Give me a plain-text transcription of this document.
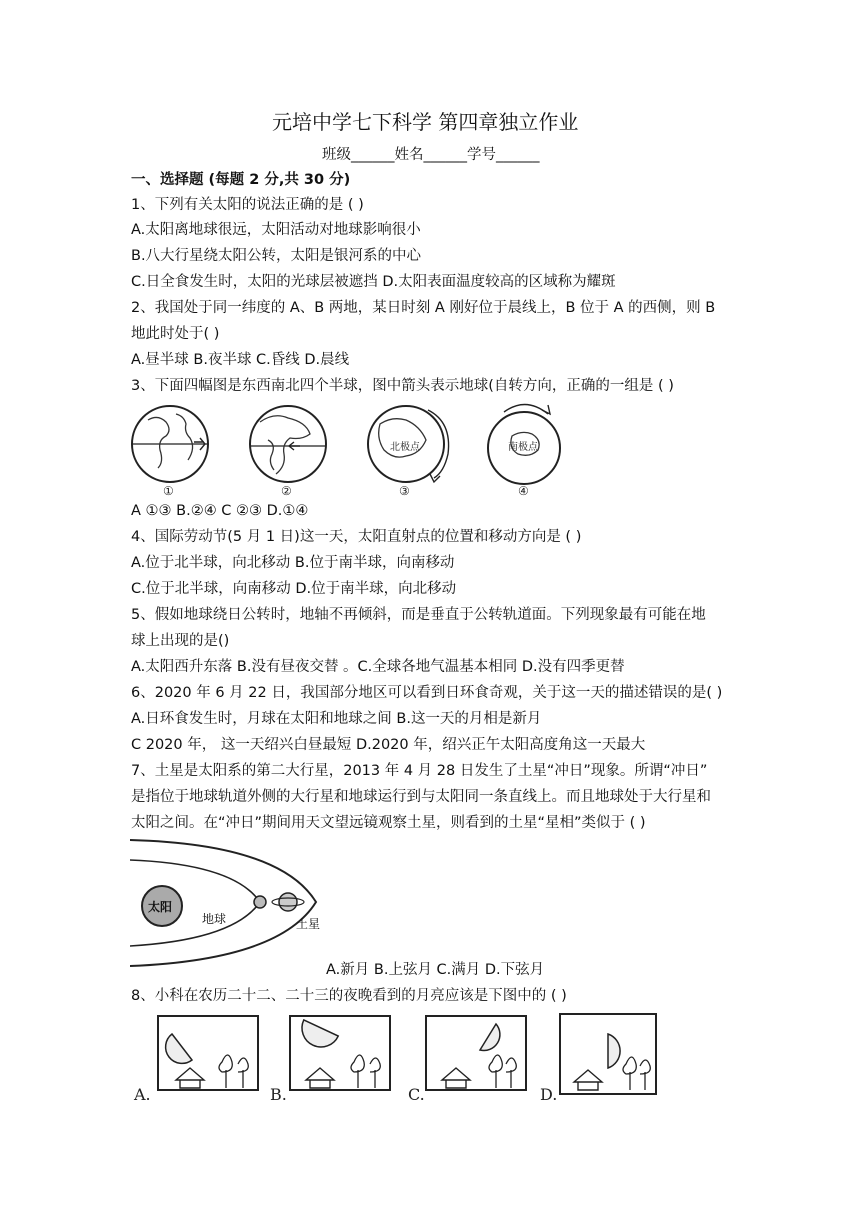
元培中学七下科学 第四章独立作业
班级______姓名______学号______
一、选择题 (每题 2 分,共 30 分)
1、下列有关太阳的说法正确的是 ( )
A.太阳离地球很远，太阳活动对地球影响很小
B.八大行星绕太阳公转，太阳是银河系的中心
C.日全食发生时，太阳的光球层被遮挡 D.太阳表面温度较高的区域称为耀斑
2、我国处于同一纬度的 A、B 两地，某日时刻 A 刚好位于晨线上，B 位于 A 的西侧，则 B
地此时处于( )
A.昼半球 B.夜半球 C.昏线 D.晨线
3、下面四幅图是东西南北四个半球，图中箭头表示地球(自转方向，正确的一组是 ( )
①	②
北极点
③
南极点
④
A ①③ B.②④ C ②③ D.①④
4、国际劳动节(5 月 1 日)这一天，太阳直射点的位置和移动方向是 ( )
A.位于北半球，向北移动 B.位于南半球，向南移动
C.位于北半球，向南移动 D.位于南半球，向北移动
5、假如地球绕日公转时，地轴不再倾斜，而是垂直于公转轨道面。下列现象最有可能在地
球上出现的是()
A.太阳西升东落 B.没有昼夜交替 。C.全球各地气温基本相同 D.没有四季更替
6、2020 年 6 月 22 日，我国部分地区可以看到日环食奇观，关于这一天的描述错误的是( )
A.日环食发生时，月球在太阳和地球之间 B.这一天的月相是新月
C 2020 年， 这一天绍兴白昼最短 D.2020 年，绍兴正午太阳高度角这一天最大
7、土星是太阳系的第二大行星，2013 年 4 月 28 日发生了土星“冲日”现象。所谓“冲日”
是指位于地球轨道外侧的大行星和地球运行到与太阳同一条直线上。而且地球处于大行星和
太阳之间。在“冲日”期间用天文望远镜观察土星，则看到的土星“星相”类似于 ( )
太阳
地球	土星
A.新月 B.上弦月 C.满月 D.下弦月
8、小科在农历二十二、二十三的夜晚看到的月亮应该是下图中的 ( )
A.	B.	C.	D.
